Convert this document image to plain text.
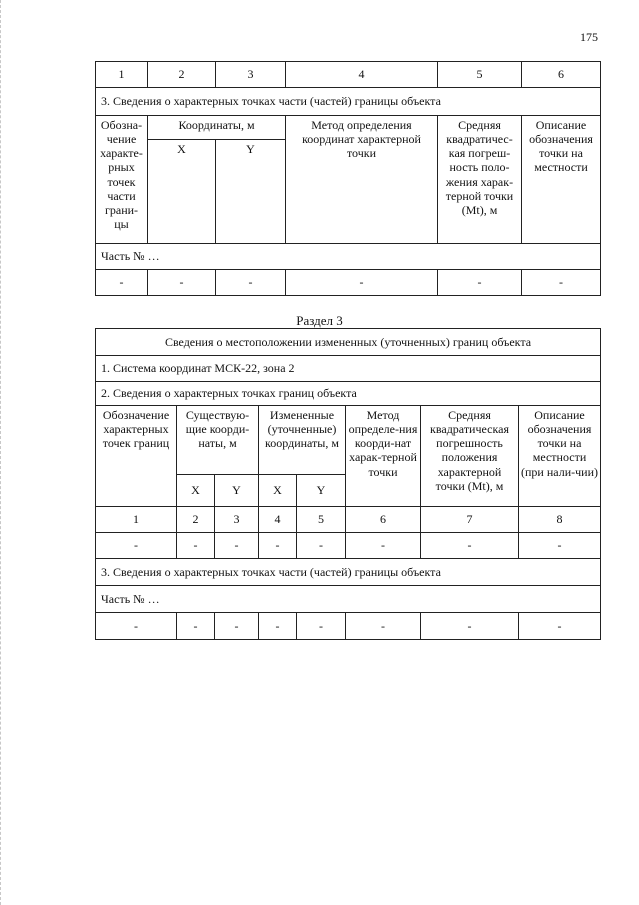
175
1	2	3	4	5	6
3. Сведения о характерных точках части (частей) границы объекта					
Обозна-чение характе-рных точек части грани-цы	Координаты, м		Метод определения координат характерной точки	Средняя квадратичес-кая погреш-ность поло-жения харак-терной точки (Mt), м	Описание обозначения точки на местности
	X	Y			
Часть № …					
-	-	-	-	-	-
Раздел 3
Сведения о местоположении измененных (уточненных) границ объекта							
1. Система координат МСК-22, зона 2							
2. Сведения о характерных точках границ объекта							
Обозначение характерных точек границ	Существую-щие коорди-наты, м		Измененные (уточненные) координаты, м		Метод определе-ния коорди-нат харак-терной точки	Средняя квадратическая погрешность положения характерной точки (Mt), м	Описание обозначения точки на местности (при нали-чии)
	X	Y	X	Y			
1	2	3	4	5	6	7	8
-	-	-	-	-	-	-	-
3. Сведения о характерных точках части (частей) границы объекта							
Часть № …							
-	-	-	-	-	-	-	-
